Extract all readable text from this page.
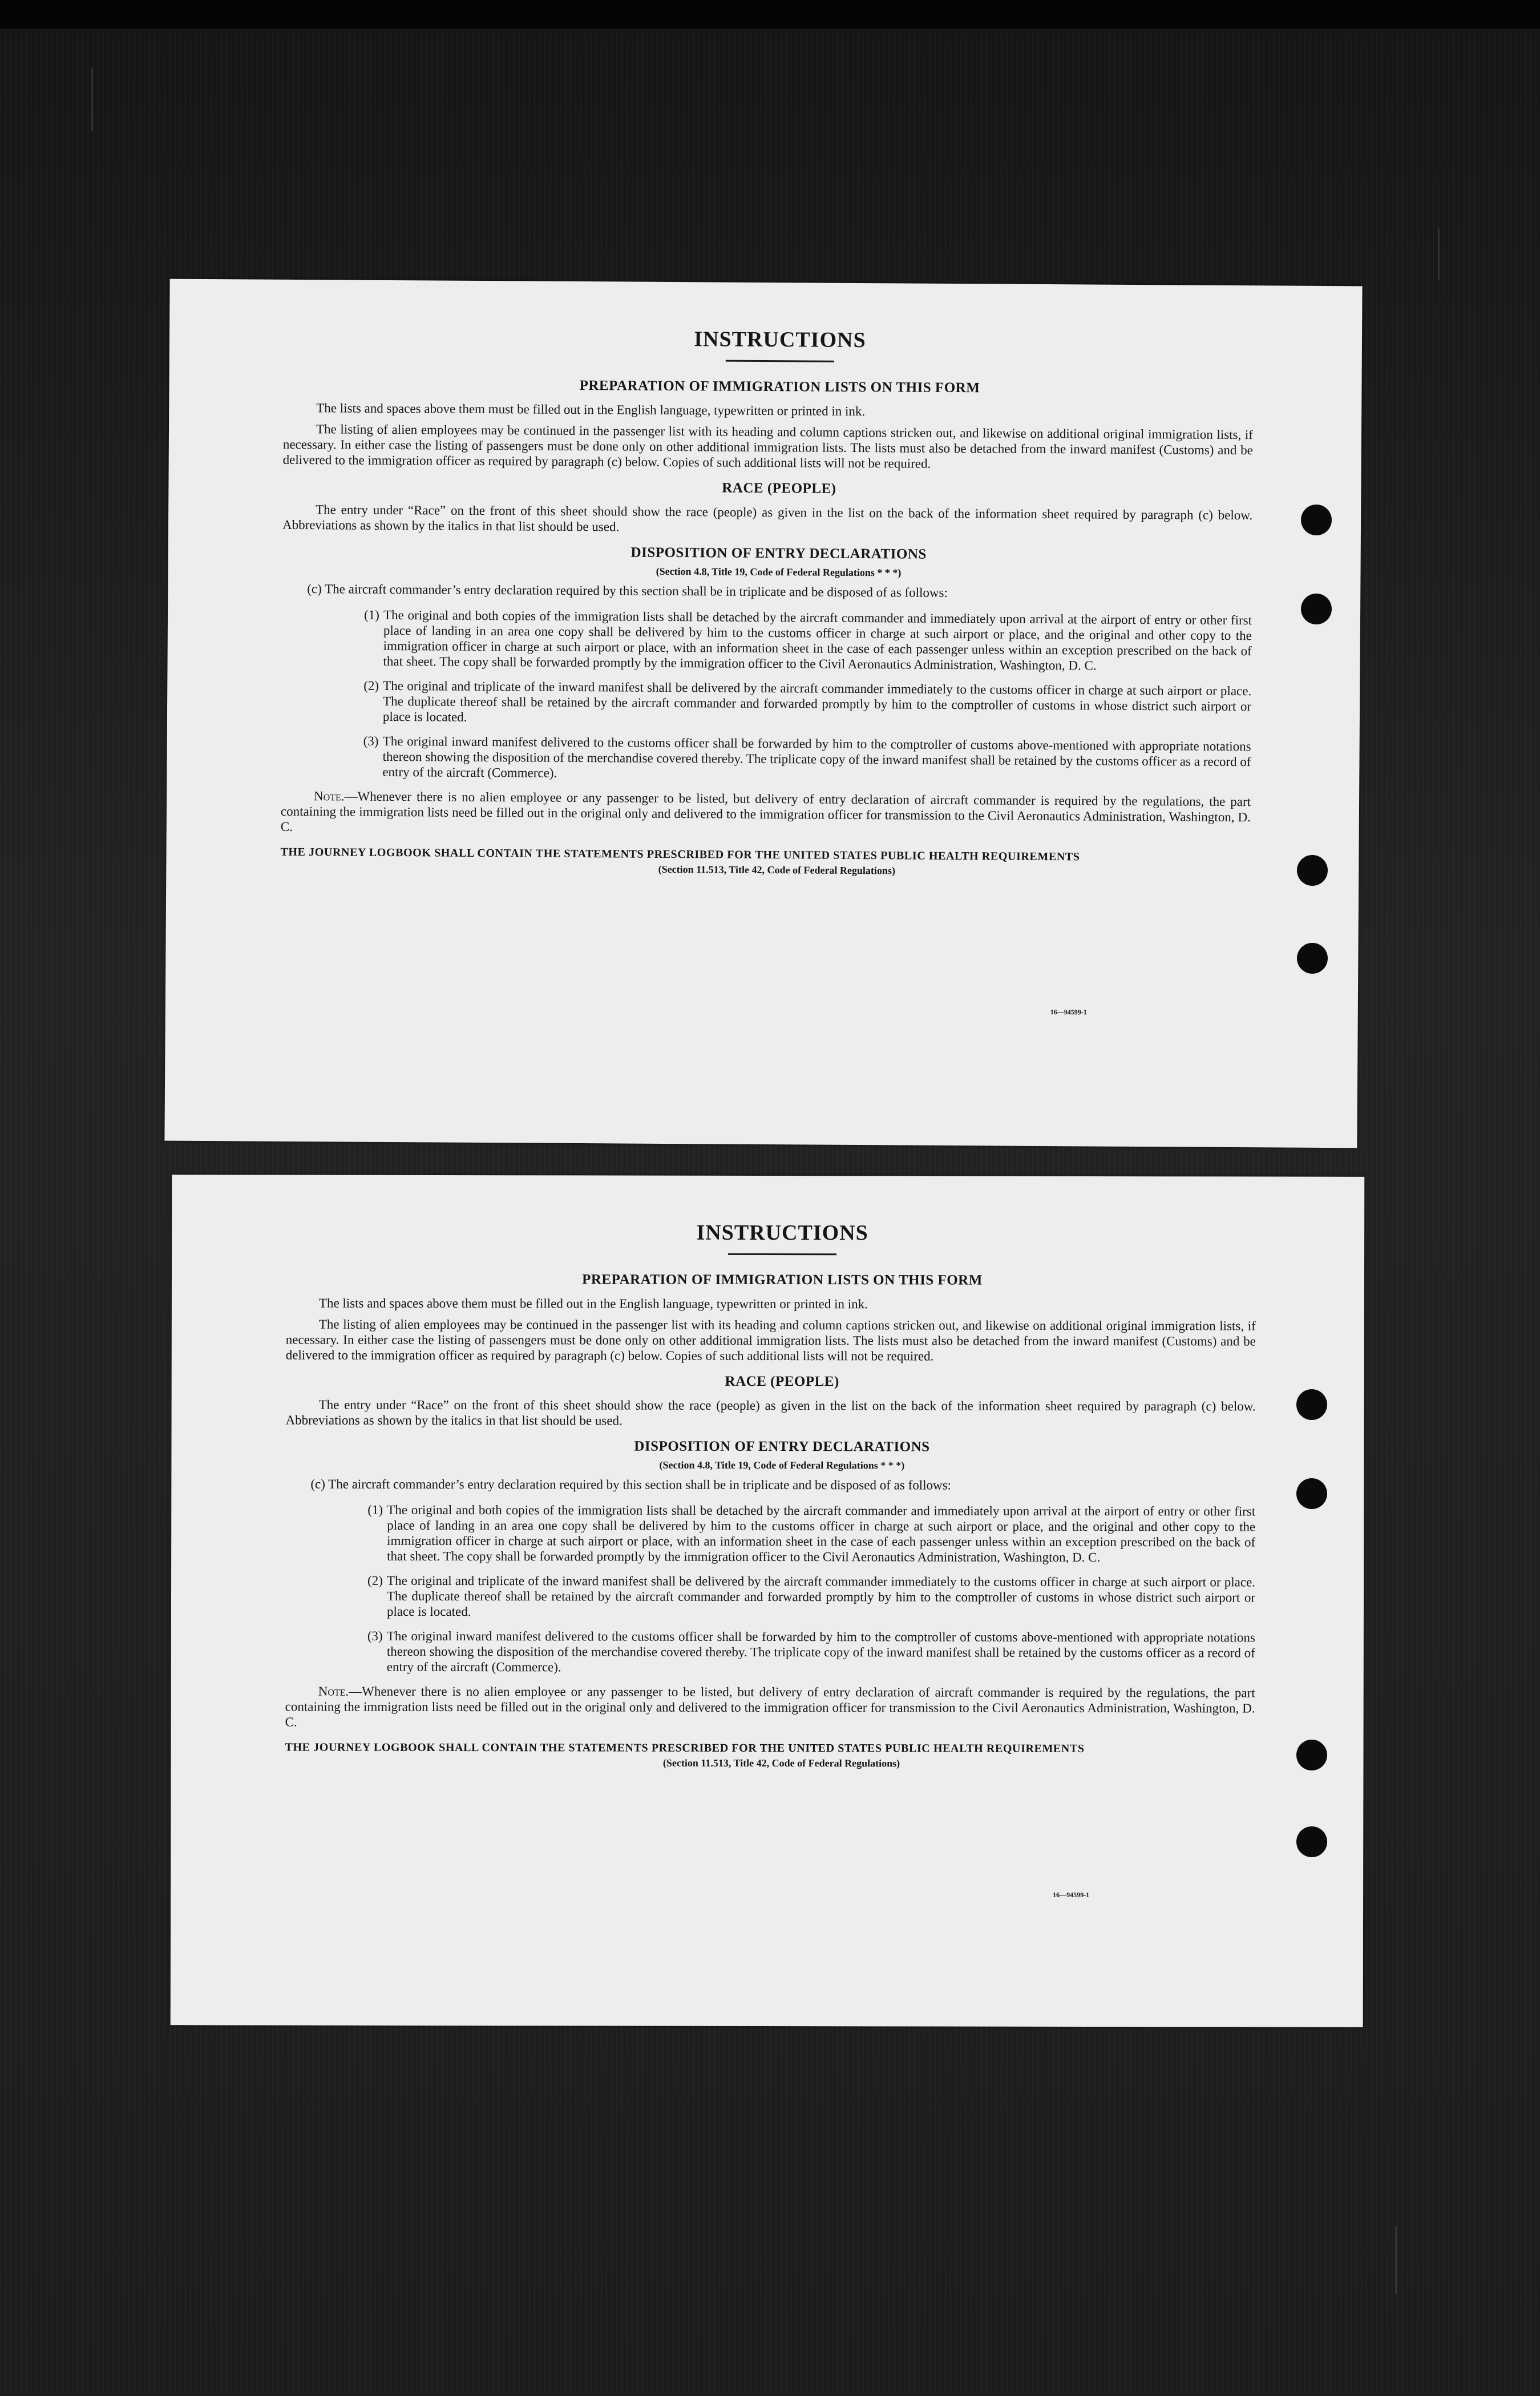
INSTRUCTIONS
PREPARATION OF IMMIGRATION LISTS ON THIS FORM

The lists and spaces above them must be filled out in the English language, typewritten or printed in ink.

The listing of alien employees may be continued in the passenger list with its heading and column captions stricken out, and likewise on additional original immigration lists, if necessary. In either case the listing of passengers must be done only on other additional immigration lists. The lists must also be detached from the inward manifest (Customs) and be delivered to the immigration officer as required by paragraph (c) below. Copies of such additional lists will not be required.

RACE (PEOPLE)

The entry under “Race” on the front of this sheet should show the race (people) as given in the list on the back of the information sheet required by paragraph (c) below. Abbreviations as shown by the italics in that list should be used.

DISPOSITION OF ENTRY DECLARATIONS
(Section 4.8, Title 19, Code of Federal Regulations * * *)

(c) The aircraft commander’s entry declaration required by this section shall be in triplicate and be disposed of as follows:

(1) The original and both copies of the immigration lists shall be detached by the aircraft commander and immediately upon arrival at the airport of entry or other first place of landing in an area one copy shall be delivered by him to the customs officer in charge at such airport or place, and the original and other copy to the immigration officer in charge at such airport or place, with an information sheet in the case of each passenger unless within an exception prescribed on the back of that sheet. The copy shall be forwarded promptly by the immigration officer to the Civil Aeronautics Administration, Washington, D. C.

(2) The original and triplicate of the inward manifest shall be delivered by the aircraft commander immediately to the customs officer in charge at such airport or place. The duplicate thereof shall be retained by the aircraft commander and forwarded promptly by him to the comptroller of customs in whose district such airport or place is located.

(3) The original inward manifest delivered to the customs officer shall be forwarded by him to the comptroller of customs above-mentioned with appropriate notations thereon showing the disposition of the merchandise covered thereby. The triplicate copy of the inward manifest shall be retained by the customs officer as a record of entry of the aircraft (Commerce).

Note.—Whenever there is no alien employee or any passenger to be listed, but delivery of entry declaration of aircraft commander is required by the regulations, the part containing the immigration lists need be filled out in the original only and delivered to the immigration officer for transmission to the Civil Aeronautics Administration, Washington, D. C.

THE JOURNEY LOGBOOK SHALL CONTAIN THE STATEMENTS PRESCRIBED FOR THE UNITED STATES PUBLIC HEALTH REQUIREMENTS
(Section 11.513, Title 42, Code of Federal Regulations)
16—94599-1
INSTRUCTIONS
PREPARATION OF IMMIGRATION LISTS ON THIS FORM

The lists and spaces above them must be filled out in the English language, typewritten or printed in ink.

The listing of alien employees may be continued in the passenger list with its heading and column captions stricken out, and likewise on additional original immigration lists, if necessary. In either case the listing of passengers must be done only on other additional immigration lists. The lists must also be detached from the inward manifest (Customs) and be delivered to the immigration officer as required by paragraph (c) below. Copies of such additional lists will not be required.

RACE (PEOPLE)

The entry under “Race” on the front of this sheet should show the race (people) as given in the list on the back of the information sheet required by paragraph (c) below. Abbreviations as shown by the italics in that list should be used.

DISPOSITION OF ENTRY DECLARATIONS
(Section 4.8, Title 19, Code of Federal Regulations * * *)

(c) The aircraft commander’s entry declaration required by this section shall be in triplicate and be disposed of as follows:

(1) The original and both copies of the immigration lists shall be detached by the aircraft commander and immediately upon arrival at the airport of entry or other first place of landing in an area one copy shall be delivered by him to the customs officer in charge at such airport or place, and the original and other copy to the immigration officer in charge at such airport or place, with an information sheet in the case of each passenger unless within an exception prescribed on the back of that sheet. The copy shall be forwarded promptly by the immigration officer to the Civil Aeronautics Administration, Washington, D. C.

(2) The original and triplicate of the inward manifest shall be delivered by the aircraft commander immediately to the customs officer in charge at such airport or place. The duplicate thereof shall be retained by the aircraft commander and forwarded promptly by him to the comptroller of customs in whose district such airport or place is located.

(3) The original inward manifest delivered to the customs officer shall be forwarded by him to the comptroller of customs above-mentioned with appropriate notations thereon showing the disposition of the merchandise covered thereby. The triplicate copy of the inward manifest shall be retained by the customs officer as a record of entry of the aircraft (Commerce).

Note.—Whenever there is no alien employee or any passenger to be listed, but delivery of entry declaration of aircraft commander is required by the regulations, the part containing the immigration lists need be filled out in the original only and delivered to the immigration officer for transmission to the Civil Aeronautics Administration, Washington, D. C.

THE JOURNEY LOGBOOK SHALL CONTAIN THE STATEMENTS PRESCRIBED FOR THE UNITED STATES PUBLIC HEALTH REQUIREMENTS
(Section 11.513, Title 42, Code of Federal Regulations)
16—94599-1
